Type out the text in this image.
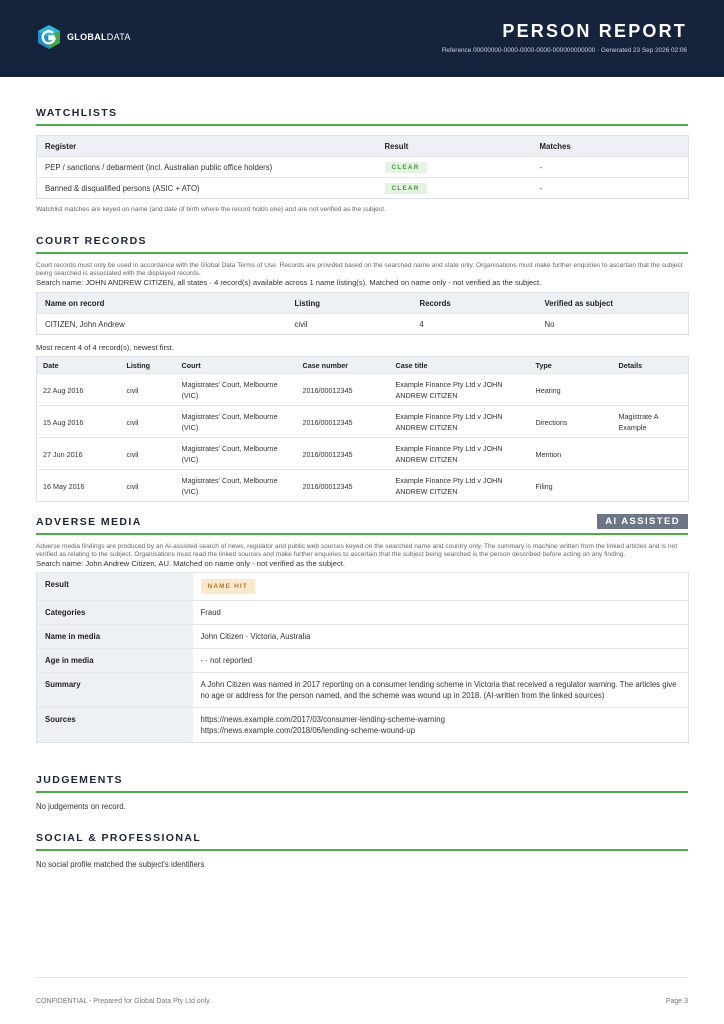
GLOBALDATA	PERSON REPORT
Reference 00000000-0000-0000-0000-000000000000 · Generated 23 Sep 2026 02:06
WATCHLISTS
Register	Result	Matches
PEP / sanctions / debarment (incl. Australian public office holders)	CLEAR	-
Banned & disqualified persons (ASIC + ATO)	CLEAR	-
Watchlist matches are keyed on name (and date of birth where the record holds one) and are not verified as the subject.
COURT RECORDS
Court records must only be used in accordance with the Global Data Terms of Use. Records are provided based on the searched name and state only. Organisations must make further enquiries to ascertain that the subject being searched is associated with the displayed records.
Search name: JOHN ANDREW CITIZEN, all states · 4 record(s) available across 1 name listing(s). Matched on name only - not verified as the subject.
Name on record	Listing	Records	Verified as subject
CITIZEN, John Andrew	civil	4	No
Most recent 4 of 4 record(s), newest first.
Date	Listing	Court	Case number	Case title	Type	Details
22 Aug 2016	civil	Magistrates' Court, Melbourne (VIC)	2016/00012345	Example Finance Pty Ltd v JOHN ANDREW CITIZEN	Hearing	
15 Aug 2016	civil	Magistrates' Court, Melbourne (VIC)	2016/00012345	Example Finance Pty Ltd v JOHN ANDREW CITIZEN	Directions	Magistrate A Example
27 Jun 2016	civil	Magistrates' Court, Melbourne (VIC)	2016/00012345	Example Finance Pty Ltd v JOHN ANDREW CITIZEN	Mention	
16 May 2016	civil	Magistrates' Court, Melbourne (VIC)	2016/00012345	Example Finance Pty Ltd v JOHN ANDREW CITIZEN	Filing	
ADVERSE MEDIA	AI ASSISTED
Adverse media findings are produced by an AI-assisted search of news, regulator and public web sources keyed on the searched name and country only. The summary is machine written from the linked articles and is not verified as relating to the subject. Organisations must read the linked sources and make further enquiries to ascertain that the subject being searched is the person described before acting on any finding.
Search name: John Andrew Citizen, AU. Matched on name only - not verified as the subject.
Result	NAME HIT
Categories	Fraud
Name in media	John Citizen · Victoria, Australia
Age in media	- · not reported
Summary	A John Citizen was named in 2017 reporting on a consumer lending scheme in Victoria that received a regulator warning. The articles give no age or address for the person named, and the scheme was wound up in 2018. (AI-written from the linked sources)
Sources	https://news.example.com/2017/03/consumer-lending-scheme-warning
https://news.example.com/2018/06/lending-scheme-wound-up
JUDGEMENTS
No judgements on record.
SOCIAL & PROFESSIONAL
No social profile matched the subject's identifiers
CONFIDENTIAL - Prepared for Global Data Pty Ltd only.	Page 3
